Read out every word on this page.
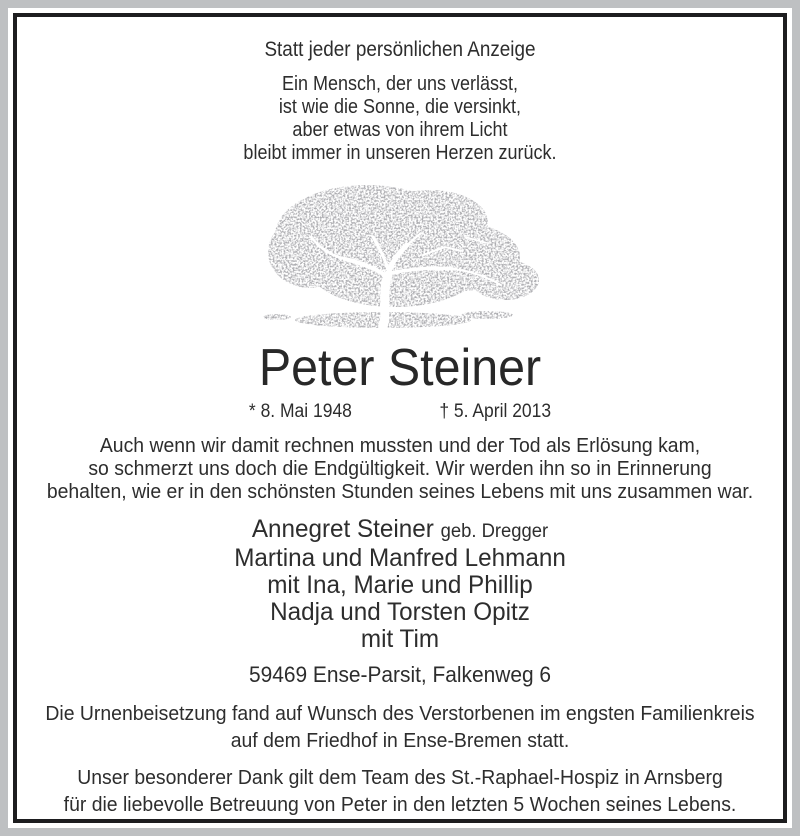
Statt jeder persönlichen Anzeige
Ein Mensch, der uns verlässt,
ist wie die Sonne, die versinkt,
aber etwas von ihrem Licht
bleibt immer in unseren Herzen zurück.
Peter Steiner
* 8. Mai 1948	† 5. April 2013
Auch wenn wir damit rechnen mussten und der Tod als Erlösung kam,
so schmerzt uns doch die Endgültigkeit. Wir werden ihn so in Erinnerung
behalten, wie er in den schönsten Stunden seines Lebens mit uns zusammen war.
Annegret Steiner geb. Dregger
Martina und Manfred Lehmann
mit Ina, Marie und Phillip
Nadja und Torsten Opitz
mit Tim
59469 Ense-Parsit, Falkenweg 6
Die Urnenbeisetzung fand auf Wunsch des Verstorbenen im engsten Familienkreis
auf dem Friedhof in Ense-Bremen statt.
Unser besonderer Dank gilt dem Team des St.-Raphael-Hospiz in Arnsberg
für die liebevolle Betreuung von Peter in den letzten 5 Wochen seines Lebens.
